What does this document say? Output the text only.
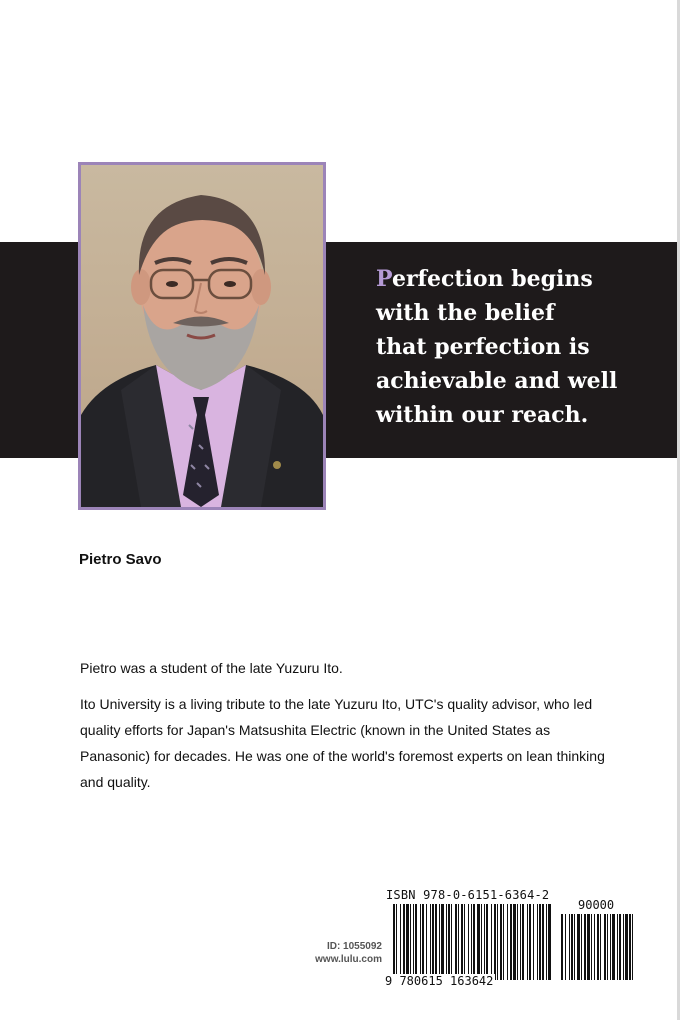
Perfection begins
with the belief
that perfection is
achievable and well
within our reach.
Pietro Savo

Pietro was a student of the late Yuzuru Ito.

Ito University is a living tribute to the late Yuzuru Ito, UTC's quality advisor, who led quality efforts for Japan's Matsushita Electric (known in the United States as Panasonic) for decades. He was one of the world's foremost experts on lean thinking and quality.

ID: 1055092
www.lulu.com
ISBN 978-0-6151-6364-2
90000
9 780615 163642
